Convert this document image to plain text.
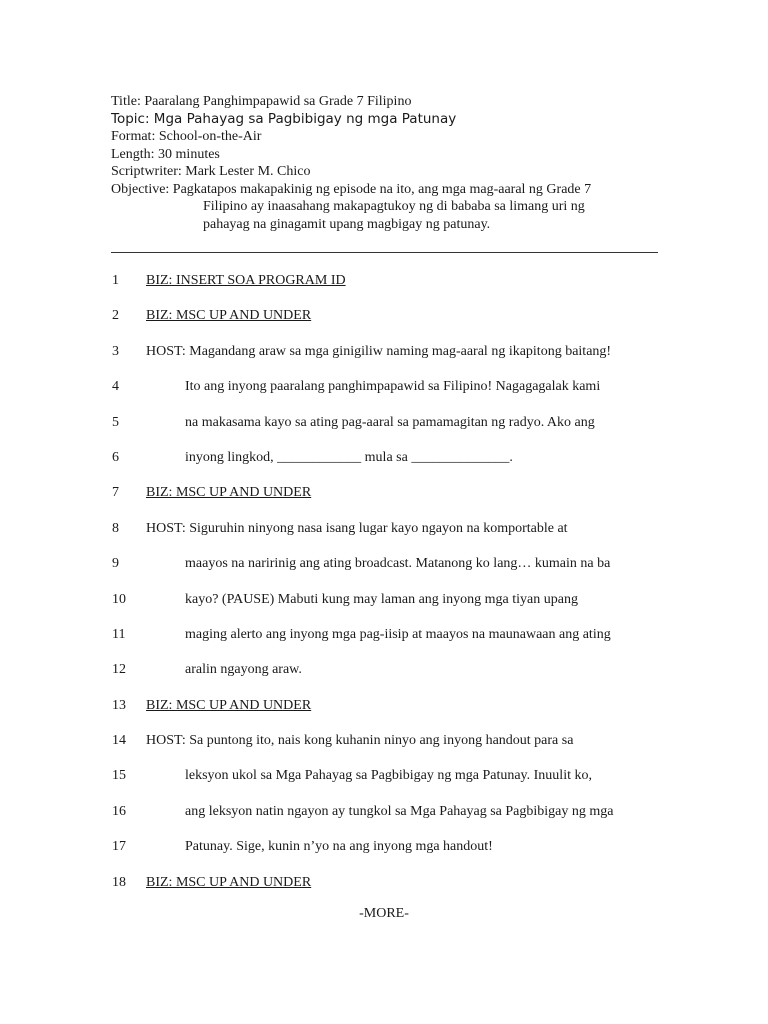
Title: Paaralang Panghimpapawid sa Grade 7 Filipino
Topic: Mga Pahayag sa Pagbibigay ng mga Patunay
Format: School-on-the-Air
Length: 30 minutes
Scriptwriter: Mark Lester M. Chico
Objective: Pagkatapos makapakinig ng episode na ito, ang mga mag-aaral ng Grade 7
Filipino ay inaasahang makapagtukoy ng di bababa sa limang uri ng
pahayag na ginagamit upang magbigay ng patunay.
1 BIZ: INSERT SOA PROGRAM ID
2 BIZ: MSC UP AND UNDER
3 HOST: Magandang araw sa mga ginigiliw naming mag-aaral ng ikapitong baitang!
4	Ito ang inyong paaralang panghimpapawid sa Filipino! Nagagagalak kami
5	na makasama kayo sa ating pag-aaral sa pamamagitan ng radyo. Ako ang
6	inyong lingkod, ____________ mula sa ______________.
7 BIZ: MSC UP AND UNDER
8 HOST: Siguruhin ninyong nasa isang lugar kayo ngayon na komportable at
9	maayos na naririnig ang ating broadcast. Matanong ko lang… kumain na ba
10	kayo? (PAUSE) Mabuti kung may laman ang inyong mga tiyan upang
11	maging alerto ang inyong mga pag-iisip at maayos na maunawaan ang ating
12	aralin ngayong araw.
13 BIZ: MSC UP AND UNDER
14 HOST: Sa puntong ito, nais kong kuhanin ninyo ang inyong handout para sa
15	leksyon ukol sa Mga Pahayag sa Pagbibigay ng mga Patunay. Inuulit ko,
16	ang leksyon natin ngayon ay tungkol sa Mga Pahayag sa Pagbibigay ng mga
17	Patunay. Sige, kunin n’yo na ang inyong mga handout!
18 BIZ: MSC UP AND UNDER
-MORE-
